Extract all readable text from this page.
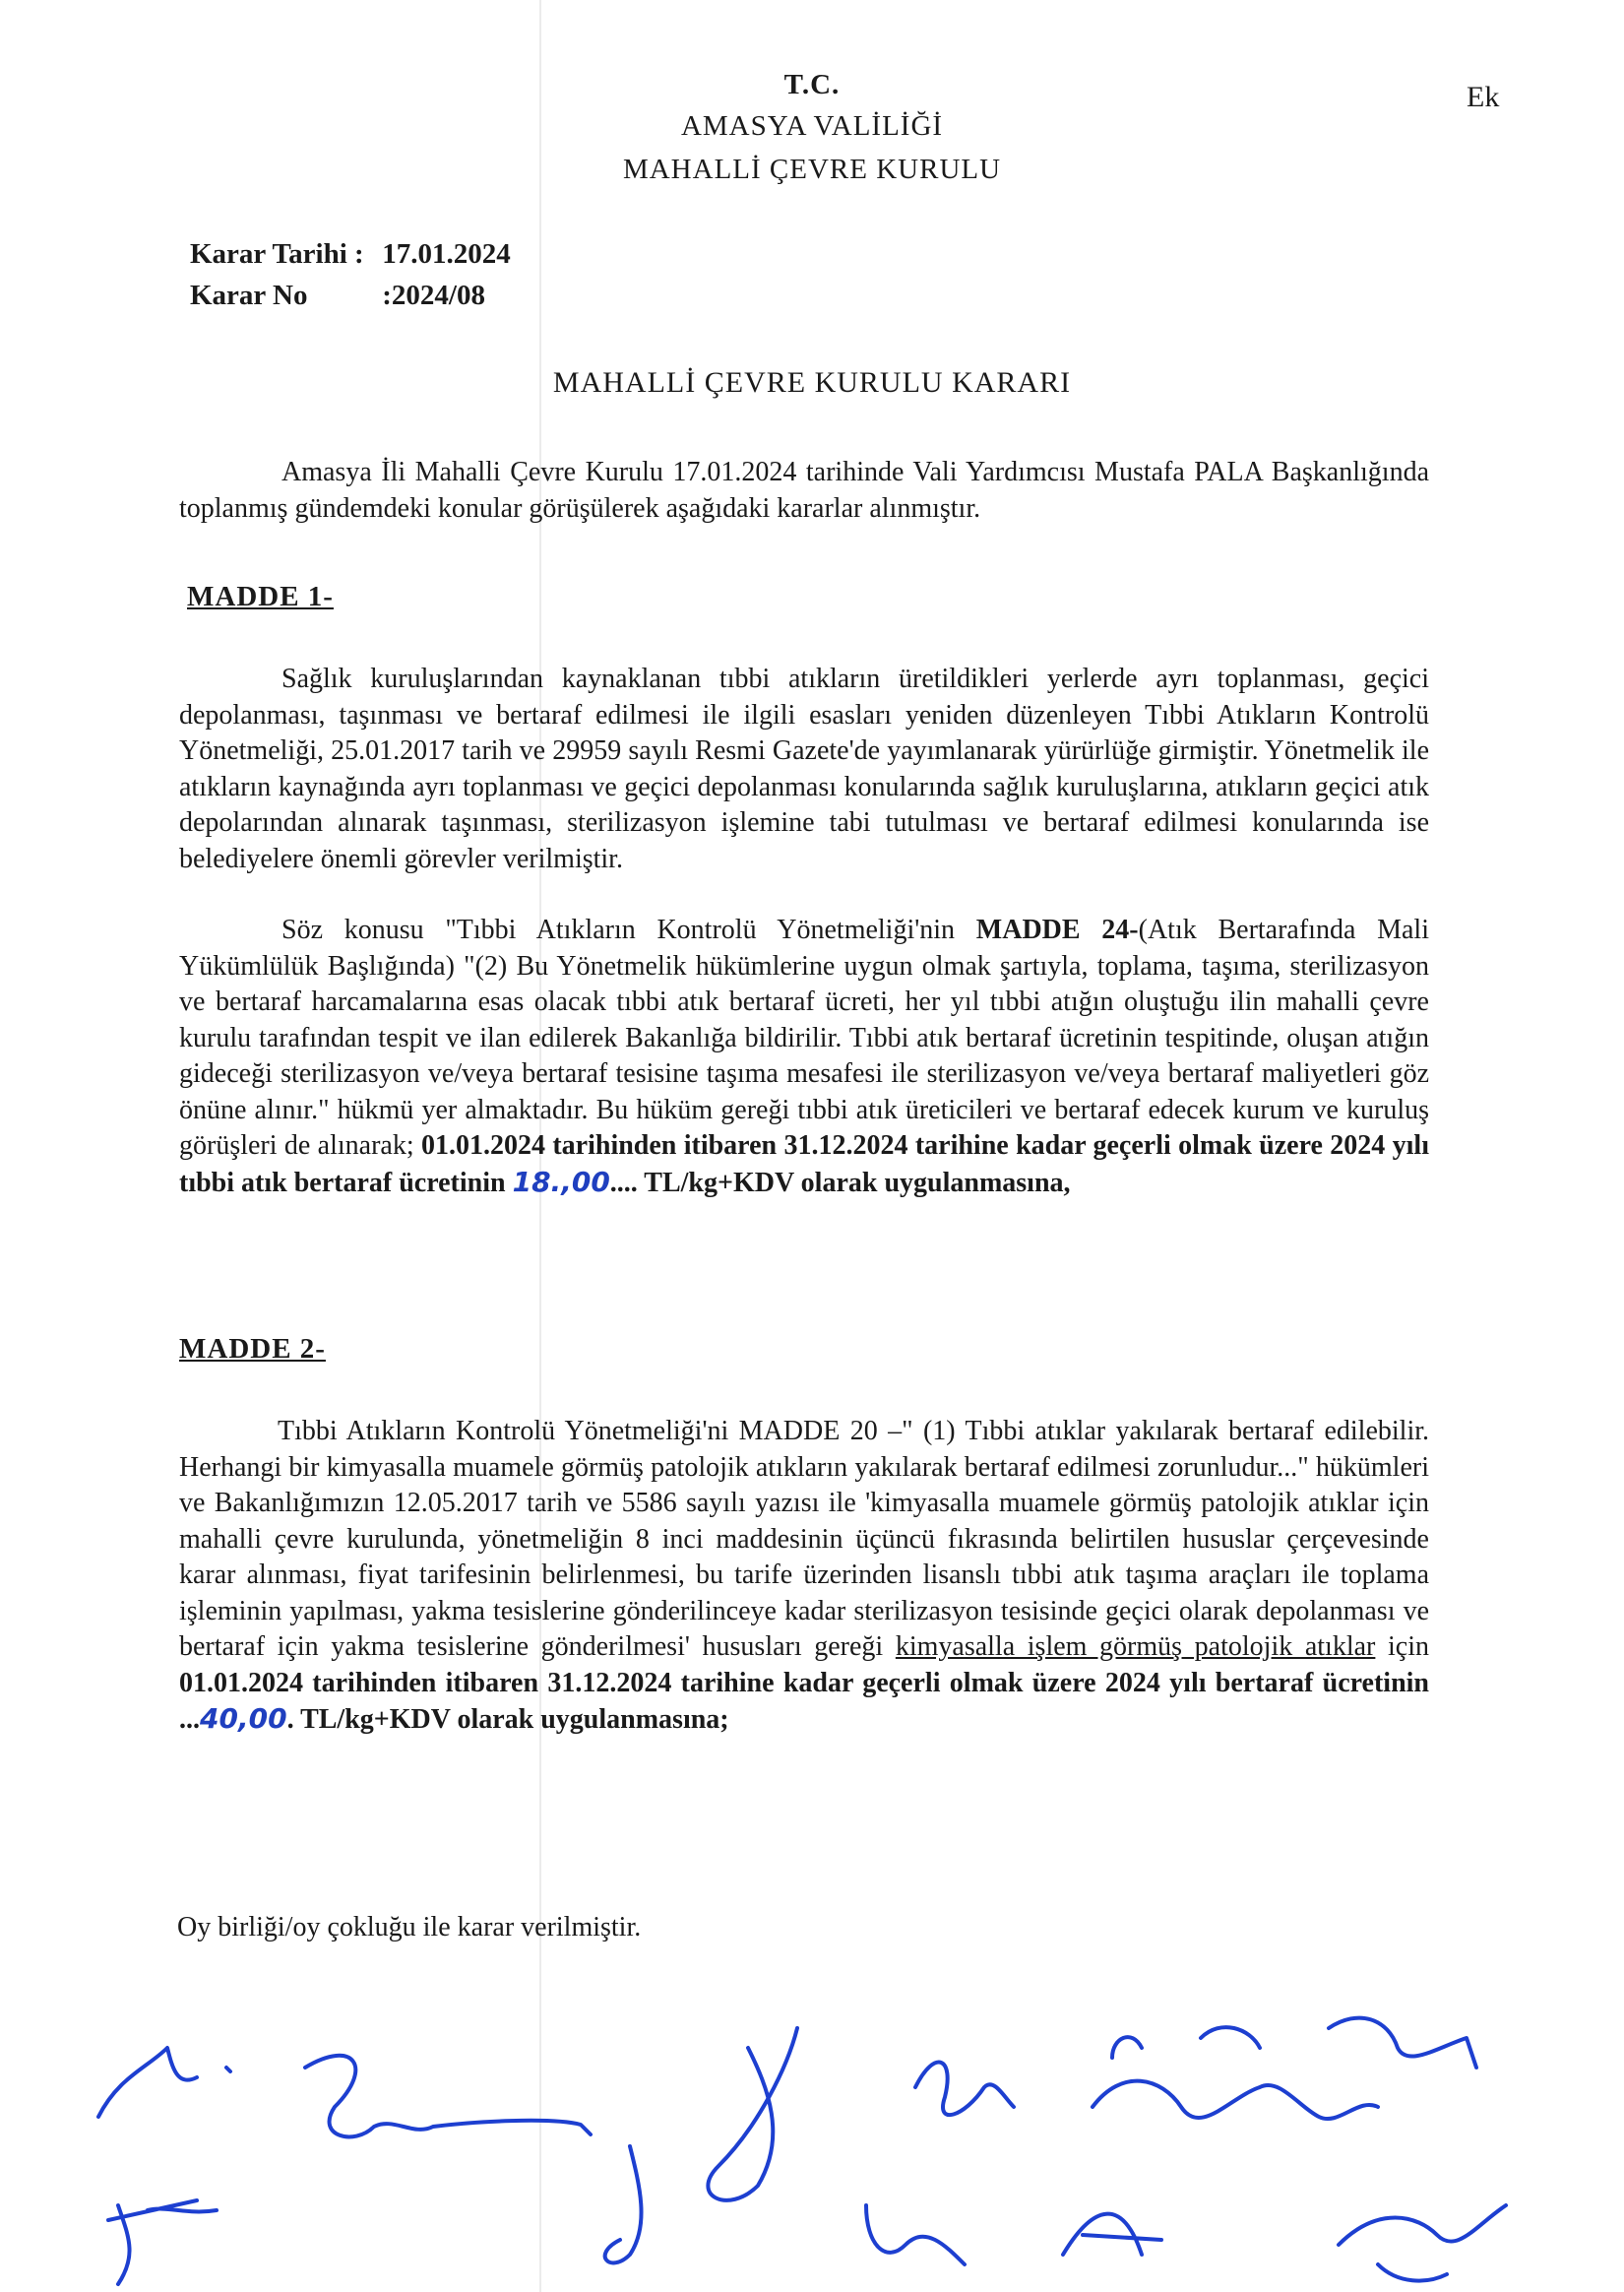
Ek
T.C.
AMASYA VALİLİĞİ
MAHALLİ ÇEVRE KURULU
Karar Tarihi : 17.01.2024
Karar No	:2024/08
MAHALLİ ÇEVRE KURULU KARARI
Amasya İli Mahalli Çevre Kurulu 17.01.2024 tarihinde Vali Yardımcısı Mustafa PALA Başkanlığında toplanmış gündemdeki konular görüşülerek aşağıdaki kararlar alınmıştır.
MADDE 1-
Sağlık kuruluşlarından kaynaklanan tıbbi atıkların üretildikleri yerlerde ayrı toplanması, geçici depolanması, taşınması ve bertaraf edilmesi ile ilgili esasları yeniden düzenleyen Tıbbi Atıkların Kontrolü Yönetmeliği, 25.01.2017 tarih ve 29959 sayılı Resmi Gazete'de yayımlanarak yürürlüğe girmiştir. Yönetmelik ile atıkların kaynağında ayrı toplanması ve geçici depolanması konularında sağlık kuruluşlarına, atıkların geçici atık depolarından alınarak taşınması, sterilizasyon işlemine tabi tutulması ve bertaraf edilmesi konularında ise belediyelere önemli görevler verilmiştir.
Söz konusu "Tıbbi Atıkların Kontrolü Yönetmeliği'nin MADDE 24-(Atık Bertarafında Mali Yükümlülük Başlığında) "(2) Bu Yönetmelik hükümlerine uygun olmak şartıyla, toplama, taşıma, sterilizasyon ve bertaraf harcamalarına esas olacak tıbbi atık bertaraf ücreti, her yıl tıbbi atığın oluştuğu ilin mahalli çevre kurulu tarafından tespit ve ilan edilerek Bakanlığa bildirilir. Tıbbi atık bertaraf ücretinin tespitinde, oluşan atığın gideceği sterilizasyon ve/veya bertaraf tesisine taşıma mesafesi ile sterilizasyon ve/veya bertaraf maliyetleri göz önüne alınır." hükmü yer almaktadır. Bu hüküm gereği tıbbi atık üreticileri ve bertaraf edecek kurum ve kuruluş görüşleri de alınarak; 01.01.2024 tarihinden itibaren 31.12.2024 tarihine kadar geçerli olmak üzere 2024 yılı tıbbi atık bertaraf ücretinin 18.,00.... TL/kg+KDV olarak uygulanmasına,
MADDE 2-
Tıbbi Atıkların Kontrolü Yönetmeliği'ni MADDE 20 –" (1) Tıbbi atıklar yakılarak bertaraf edilebilir. Herhangi bir kimyasalla muamele görmüş patolojik atıkların yakılarak bertaraf edilmesi zorunludur..." hükümleri ve Bakanlığımızın 12.05.2017 tarih ve 5586 sayılı yazısı ile 'kimyasalla muamele görmüş patolojik atıklar için mahalli çevre kurulunda, yönetmeliğin 8 inci maddesinin üçüncü fıkrasında belirtilen hususlar çerçevesinde karar alınması, fiyat tarifesinin belirlenmesi, bu tarife üzerinden lisanslı tıbbi atık taşıma araçları ile toplama işleminin yapılması, yakma tesislerine gönderilinceye kadar sterilizasyon tesisinde geçici olarak depolanması ve bertaraf için yakma tesislerine gönderilmesi' hususları gereği kimyasalla işlem görmüş patolojik atıklar için 01.01.2024 tarihinden itibaren 31.12.2024 tarihine kadar geçerli olmak üzere 2024 yılı bertaraf ücretinin ...40,00. TL/kg+KDV olarak uygulanmasına;
Oy birliği/oy çokluğu ile karar verilmiştir.
